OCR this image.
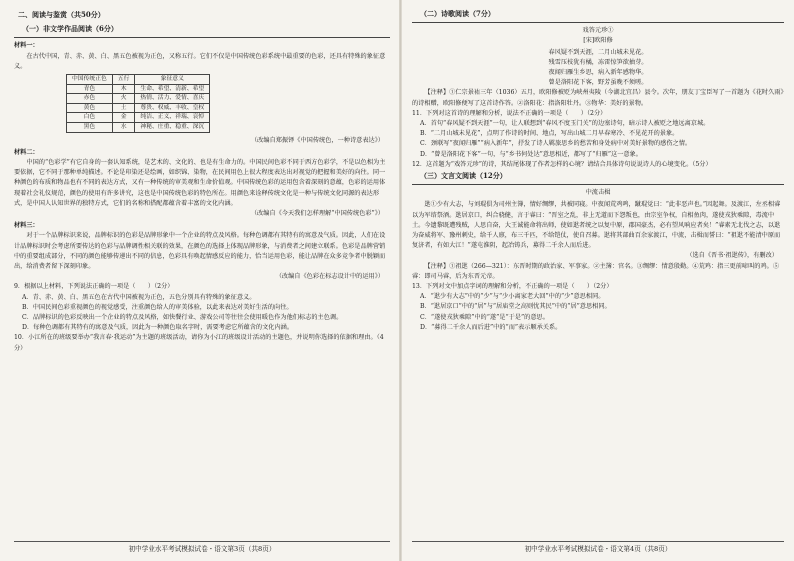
二、阅读与鉴赏（共50分）
（一）非文学作品阅读（6分）
材料一：

在古代中国，青、赤、黄、白、黑五色被视为正色，又称五行。它们不仅是中国传统色彩系统中最重要的色彩，还具有特殊的象征意义。

中国传统正色	五行	象征意义
青色	木	生命、希望、清新、希望
赤色	火	热情、活力、爱情、喜庆
黄色	土	尊贵、权威、丰收、皇权
白色	金	纯洁、正义、祥瑞、哀悼
黑色	水	神秘、庄重、稳重、深沉
（改编自郑振铎《中国传统色，一种诗意表达》）
材料二：

中国的“色彩学”有它自身的一套认知系统，是艺术的、文化的、也是有生命力的。中国民间色彩不同于西方色彩学，不是以色相为主要依据，它不同于那种单纯描述。不论是印染还是绘画，如织锦、染物，在民间用色上很大程度表达出对视觉的把握和美好的向往。同一种颜色的布质和物品也有不同的表达方式，又有一种传统的审美观和生命价值观。中国传统色彩的运用包含着深刻的意蕴，色彩的运用体现着社会礼仪规范，颜色的使用有许多讲究，这也是中国传统色彩的特色所在。用颜色来诠释传统文化是一种与传统文化同源的表达形式，是中国人认知世界的独特方式，它们的名称和搭配都蕴含着丰富的文化内涵。

（改编自《今天我们怎样理解“中国传统色彩”》）
材料三：

对于一个品牌标识来说，品牌标识的色彩是品牌形象中一个企业的特点及风格。每种色调都有其特有的寓意及气质。因此，人们在设计品牌标识时会考虑所要传达的色彩与品牌调性相关联的效果，在颜色的选择上体现品牌形象，与消费者之间建立联系。色彩是品牌营销中的重要组成部分，不同的颜色能够传递出不同的信息，色彩具有唤起情感反应的能力，恰当运用色彩，能让品牌在众多竞争者中脱颖而出，给消费者留下深刻印象。

（改编自《色彩在标志设计中的运用》）
9．根据以上材料，下列说法正确的一项是（　　）（2分）
A．青、赤、黄、白、黑五色在古代中国被视为正色，五色分别具有特殊的象征意义。
B．中国民间色彩重视颜色的视觉感受，注重颜色给人的审美体验，以此来表达对美好生活的向往。
C．品牌标识的色彩反映出一个企业的特点及风格，如快餐行业、游戏公司等往往会使用暖色作为他们标志的主色调。
D．每种色调都有其特有的寓意及气质，因此为一种颜色取名字时，需要考虑它所蕴含的文化内涵。
10．小江所在的班级要举办“我言春·我运动”为主题的班级活动，请你为小江的班级设计活动的主题色，并说明你选择的依据和理由。（4分）
初中学业水平考试模拟试卷・语文第3页（共8页）
（二）诗歌阅读（7分）
戏答元珍①
[宋]欧阳修
春风疑不到天涯，二月山城未见花。
残雪压枝犹有橘，冻雷惊笋欲抽芽。
夜闻归雁生乡思，病入新年感物华。
曾是洛阳花下客，野芳虽晚不须嗟。

【注释】①仁宗景祐三年（1036）五月，欧阳修被贬为峡州夷陵（今湖北宜昌）县令。次年，朋友丁宝臣写了一首题为《花时久雨》的诗相赠，欧阳修便写了这首诗作答。②洛阳花：指洛阳牡丹。③物华：美好的景物。

11．下列对这首诗的理解和分析，说法不正确的一项是（　　）（2分）
A．首句“春风疑不到天涯”一句，让人联想到“春风不度玉门关”的边塞诗句，暗示诗人被贬之地远离京城。
B．“二月山城未见花”，点明了作诗的时间、地点，写出山城二月早春寒冷、不见花开的景象。
C．颈联写“夜闻归雁”“病入新年”，抒发了诗人羁旅思乡的愁苦和身处病中对美好景物的感伤之情。
D．“曾是洛阳花下客”一句，与“乡书何处达”意思相近，都写了“归雁”这一意象。
12．这首题为“戏答元珍”的诗，其结尾体现了作者怎样的心境？请结合具体诗句说说诗人的心境变化。（5分）
（三）文言文阅读（12分）
中流击楫

逖①少有大志，与刘琨俱为司州主簿，情好绸缪，共被同寝。中夜闻荒鸡鸣，蹴琨觉曰：“此非恶声也。”因起舞。及渡江，左丞相睿以为军谘祭酒。逖居京口，纠合骁健，言于睿曰：“晋室之乱，非上无道而下怨叛也，由宗室争权，自相鱼肉，遂使戎狄乘隙，毒流中土。今遗黎既遭残贼，人思自奋，大王诚能命将出师，使如逖者统之以复中原，郡国豪杰，必有望风响应者矣！”睿素无北伐之志，以逖为奋威将军、豫州刺史，给千人廪，布三千匹，不给铠仗，使自召募。逖将其部曲百余家渡江，中流，击楫而誓曰：“祖逖不能清中原而复济者，有如大江！”遂屯淮阴，起冶铸兵，募得二千余人而后进。

（选自《晋书·祖逖传》，有删改）

【注释】①祖逖（266—321）：东晋时期的政治家、军事家。②主簿：官名。③绸缪：情意殷勤。④荒鸡：指三更前啼叫的鸡。⑤睿：即司马睿，后为东晋元帝。

13．下列对文中加点字词的理解和分析，不正确的一项是（　　）（2分）
A．“逖少有大志”中的“少”与“少小离家老大回”中的“少”意思相同。
B．“逖居京口”中的“居”与“居庙堂之高则忧其民”中的“居”意思相同。
C．“遂使戎狄乘隙”中的“遂”是“于是”的意思。
D．“募得二千余人而后进”中的“而”表示顺承关系。
初中学业水平考试模拟试卷・语文第4页（共8页）
